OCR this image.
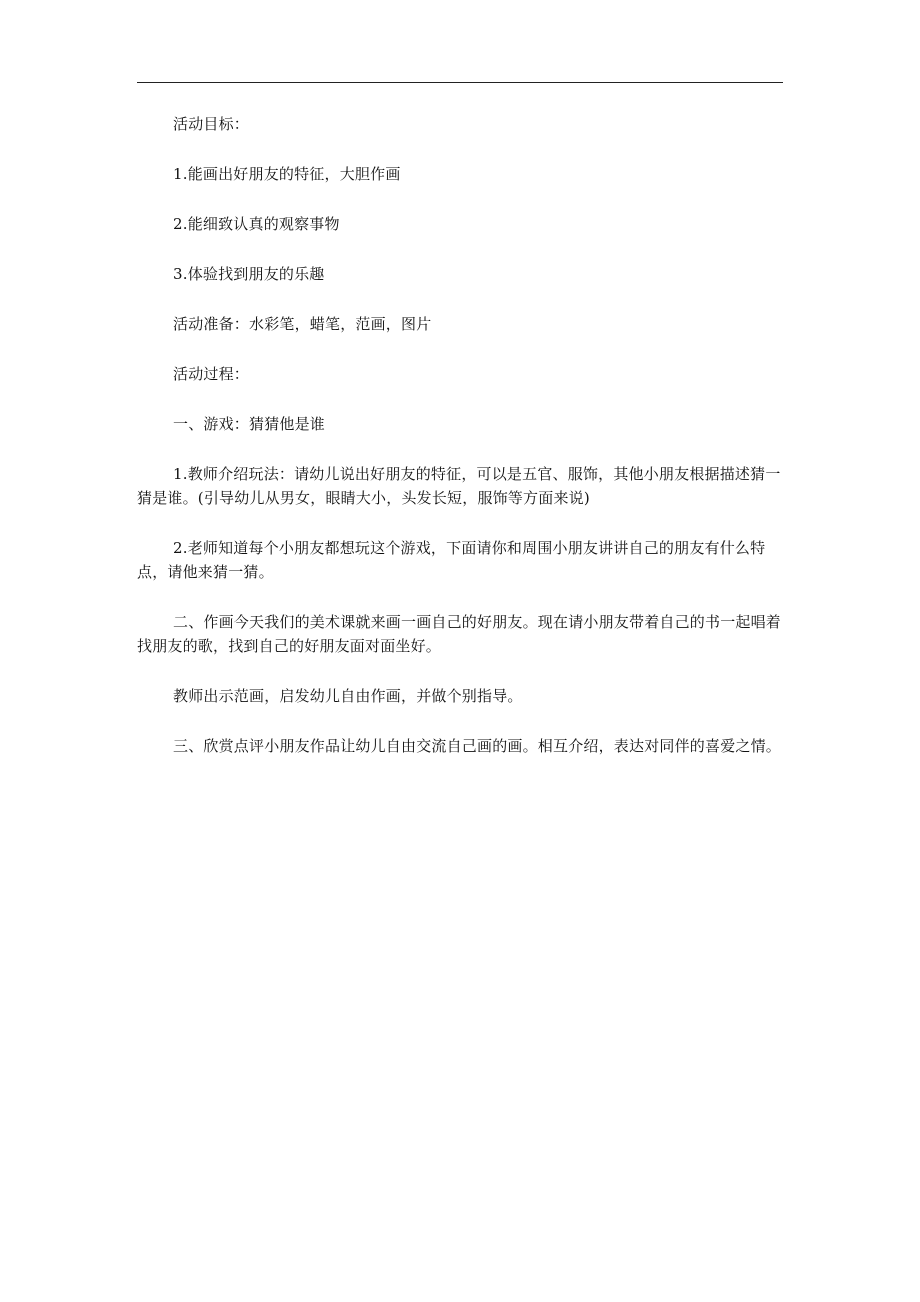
活动目标：

1.能画出好朋友的特征，大胆作画

2.能细致认真的观察事物

3.体验找到朋友的乐趣

活动准备：水彩笔，蜡笔，范画，图片

活动过程：

一、游戏：猜猜他是谁

1.教师介绍玩法：请幼儿说出好朋友的特征，可以是五官、服饰，其他小朋友根据描述猜一猜是谁。(引导幼儿从男女，眼睛大小，头发长短，服饰等方面来说)

2.老师知道每个小朋友都想玩这个游戏，下面请你和周围小朋友讲讲自己的朋友有什么特点，请他来猜一猜。

二、作画今天我们的美术课就来画一画自己的好朋友。现在请小朋友带着自己的书一起唱着找朋友的歌，找到自己的好朋友面对面坐好。

教师出示范画，启发幼儿自由作画，并做个别指导。

三、欣赏点评小朋友作品让幼儿自由交流自己画的画。相互介绍，表达对同伴的喜爱之情。
